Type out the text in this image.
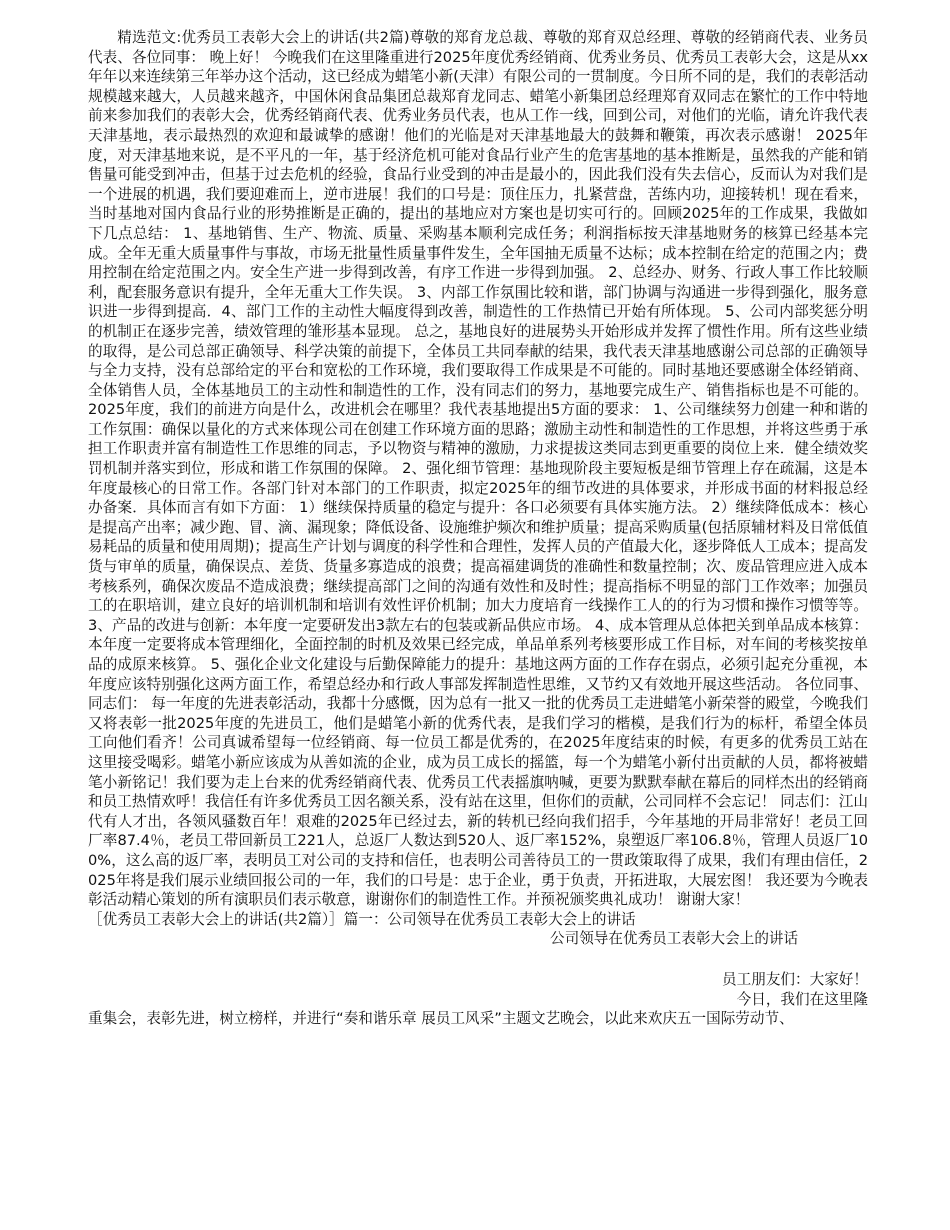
精选范文:优秀员工表彰大会上的讲话(共2篇)尊敬的郑育龙总裁、尊敬的郑育双总经理、尊敬的经销商代表、业务员代表、各位同事： 晚上好！ 今晚我们在这里隆重进行2025年度优秀经销商、优秀业务员、优秀员工表彰大会，这是从xx年年以来连续第三年举办这个活动，这已经成为蜡笔小新(天津）有限公司的一贯制度。今日所不同的是，我们的表彰活动规模越来越大，人员越来越齐，中国休闲食品集团总裁郑育龙同志、蜡笔小新集团总经理郑育双同志在繁忙的工作中特地前来参加我们的表彰大会，优秀经销商代表、优秀业务员代表，也从工作一线，回到公司，对他们的光临，请允许我代表天津基地，表示最热烈的欢迎和最诚挚的感谢！他们的光临是对天津基地最大的鼓舞和鞭策，再次表示感谢！ 2025年度，对天津基地来说，是不平凡的一年，基于经济危机可能对食品行业产生的危害基地的基本推断是，虽然我的产能和销售量可能受到冲击，但基于过去危机的经验，食品行业受到的冲击是最小的，因此我们没有失去信心，反而认为对我们是一个进展的机遇，我们要迎难而上，逆市进展！我们的口号是：顶住压力，扎紧营盘，苦练内功，迎接转机！现在看来，当时基地对国内食品行业的形势推断是正确的，提出的基地应对方案也是切实可行的。回顾2025年的工作成果，我做如下几点总结： 1、基地销售、生产、物流、质量、采购基本顺利完成任务；利润指标按天津基地财务的核算已经基本完成。全年无重大质量事件与事故，市场无批量性质量事件发生，全年国抽无质量不达标；成本控制在给定的范围之内；费用控制在给定范围之内。安全生产进一步得到改善，有序工作进一步得到加强。 2、总经办、财务、行政人事工作比较顺利，配套服务意识有提升，全年无重大工作失误。 3、内部工作氛围比较和谐，部门协调与沟通进一步得到强化，服务意识进一步得到提高．4、部门工作的主动性大幅度得到改善，制造性的工作热情已开始有所体现。 5、公司内部奖惩分明的机制正在逐步完善，绩效管理的雏形基本显现。 总之，基地良好的进展势头开始形成并发挥了惯性作用。所有这些业绩的取得，是公司总部正确领导、科学决策的前提下，全体员工共同奉献的结果，我代表天津基地感谢公司总部的正确领导与全力支持，没有总部给定的平台和宽松的工作环境，我们要取得工作成果是不可能的。同时基地还要感谢全体经销商、全体销售人员，全体基地员工的主动性和制造性的工作，没有同志们的努力，基地要完成生产、销售指标也是不可能的。 2025年度，我们的前进方向是什么，改进机会在哪里？我代表基地提出5方面的要求： 1、公司继续努力创建一种和谐的工作氛围：确保以量化的方式来体现公司在创建工作环境方面的思路；激励主动性和制造性的工作思想，并将这些勇于承担工作职责并富有制造性工作思维的同志，予以物资与精神的激励，力求提拔这类同志到更重要的岗位上来．健全绩效奖罚机制并落实到位，形成和谐工作氛围的保障。 2、强化细节管理：基地现阶段主要短板是细节管理上存在疏漏，这是本年度最核心的日常工作。各部门针对本部门的工作职责，拟定2025年的细节改进的具体要求，并形成书面的材料报总经办备案．具体而言有如下方面： 1）继续保持质量的稳定与提升：各口必须要有具体实施方法。 2）继续降低成本：核心是提高产出率；减少跑、冒、滴、漏现象；降低设备、设施维护频次和维护质量；提高采购质量(包括原辅材料及日常低值易耗品的质量和使用周期)；提高生产计划与调度的科学性和合理性，发挥人员的产值最大化，逐步降低人工成本；提高发货与审单的质量，确保误点、差货、货量多寡造成的浪费；提高福建调货的准确性和数量控制；次、废品管理应进入成本考核系列，确保次废品不造成浪费；继续提高部门之间的沟通有效性和及时性；提高指标不明显的部门工作效率；加强员工的在职培训，建立良好的培训机制和培训有效性评价机制；加大力度培育一线操作工人的的行为习惯和操作习惯等等。 3、产品的改进与创新：本年度一定要研发出3款左右的包装或新品供应市场。 4、成本管理从总体把关到单品成本核算：本年度一定要将成本管理细化，全面控制的时机及效果已经完成，单品单系列考核要形成工作目标，对车间的考核奖按单品的成原来核算。 5、强化企业文化建设与后勤保障能力的提升：基地这两方面的工作存在弱点，必须引起充分重视，本年度应该特别强化这两方面工作，希望总经办和行政人事部发挥制造性思维，又节约又有效地开展这些活动。 各位同事、同志们： 每一年度的先进表彰活动，我都十分感慨，因为总有一批又一批的优秀员工走进蜡笔小新荣誉的殿堂，今晚我们又将表彰一批2025年度的先进员工，他们是蜡笔小新的优秀代表，是我们学习的楷模，是我们行为的标杆，希望全体员工向他们看齐！公司真诚希望每一位经销商、每一位员工都是优秀的，在2025年度结束的时候，有更多的优秀员工站在这里接受喝彩。蜡笔小新应该成为从善如流的企业，成为员工成长的摇篮，每一个为蜡笔小新付出贡献的人员，都将被蜡笔小新铭记！我们要为走上台来的优秀经销商代表、优秀员工代表摇旗呐喊，更要为默默奉献在幕后的同样杰出的经销商和员工热情欢呼！我信任有许多优秀员工因名额关系，没有站在这里，但你们的贡献，公司同样不会忘记！ 同志们：江山代有人才出，各领风骚数百年！艰难的2025年已经过去，新的转机已经向我们招手，今年基地的开局非常好！老员工回厂率87.4％，老员工带回新员工221人，总返厂人数达到520人、返厂率152%，泉塑返厂率106.8％，管理人员返厂100%，这么高的返厂率，表明员工对公司的支持和信任，也表明公司善待员工的一贯政策取得了成果，我们有理由信任，2025年将是我们展示业绩回报公司的一年，我们的口号是：忠于企业，勇于负责，开拓进取，大展宏图！ 我还要为今晚表彰活动精心策划的所有演职员们表示敬意，谢谢你们的制造性工作。并预祝颁奖典礼成功！ 谢谢大家！

［优秀员工表彰大会上的讲话(共2篇）］篇一：公司领导在优秀员工表彰大会上的讲话

公司领导在优秀员工表彰大会上的讲话

员工朋友们：大家好！

今日，我们在这里隆

重集会，表彰先进，树立榜样，并进行“奏和谐乐章 展员工风采”主题文艺晚会，以此来欢庆五一国际劳动节、
